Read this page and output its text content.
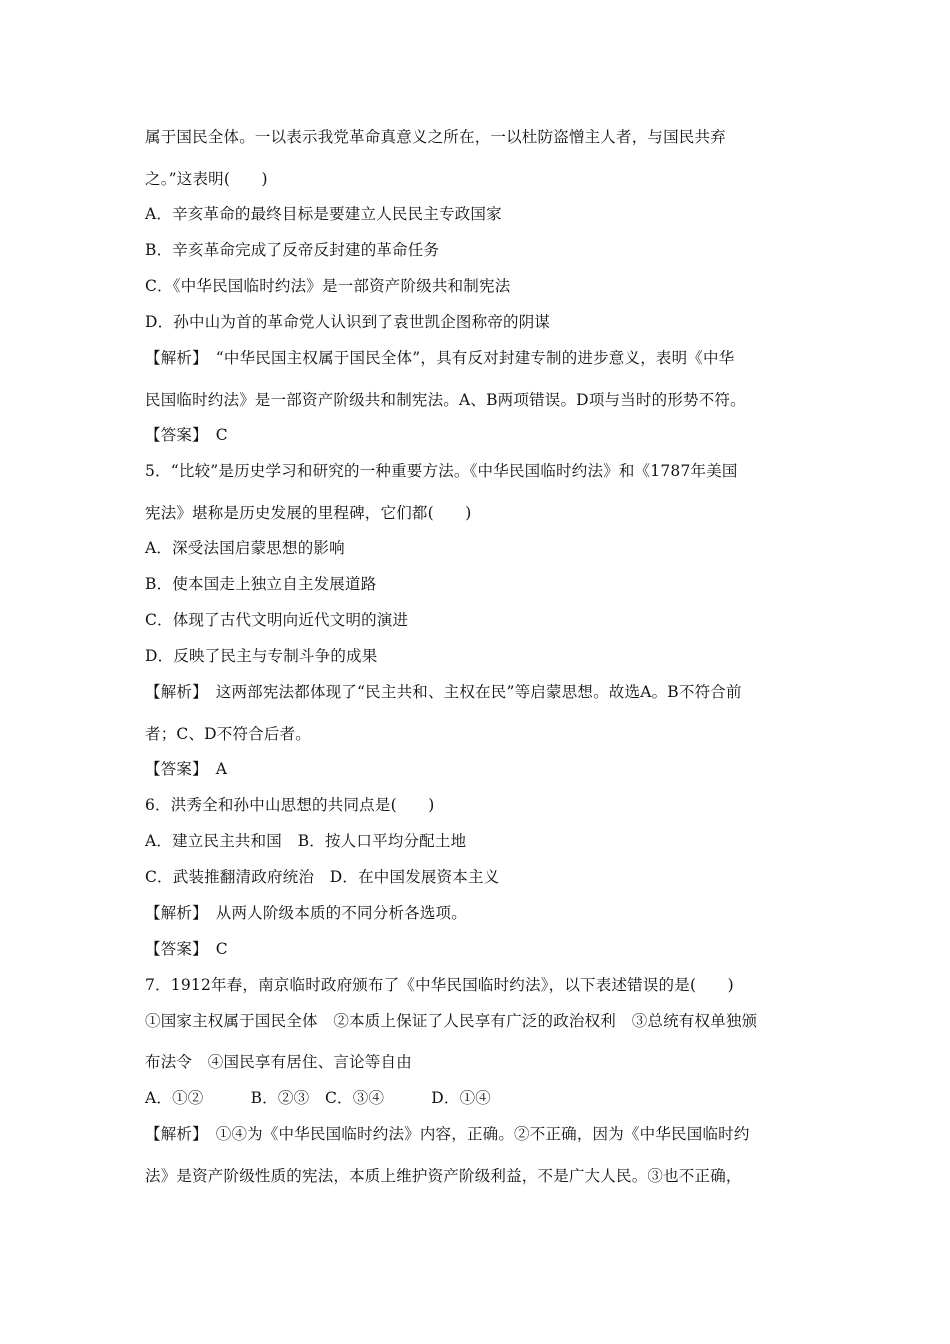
属于国民全体。一以表示我党革命真意义之所在，一以杜防盗憎主人者，与国民共弃
之。”这表明(　　)
A．辛亥革命的最终目标是要建立人民民主专政国家
B．辛亥革命完成了反帝反封建的革命任务
C．《中华民国临时约法》是一部资产阶级共和制宪法
D．孙中山为首的革命党人认识到了袁世凯企图称帝的阴谋
【解析】　“中华民国主权属于国民全体”，具有反对封建专制的进步意义，表明《中华
民国临时约法》是一部资产阶级共和制宪法。A、B两项错误。D项与当时的形势不符。
【答案】　C
5．“比较”是历史学习和研究的一种重要方法。《中华民国临时约法》和《1787年美国
宪法》堪称是历史发展的里程碑，它们都(　　)
A．深受法国启蒙思想的影响
B．使本国走上独立自主发展道路
C．体现了古代文明向近代文明的演进
D．反映了民主与专制斗争的成果
【解析】　这两部宪法都体现了“民主共和、主权在民”等启蒙思想。故选A。B不符合前
者；C、D不符合后者。
【答案】　A
6．洪秀全和孙中山思想的共同点是(　　)
A．建立民主共和国　B．按人口平均分配土地
C．武装推翻清政府统治　D．在中国发展资本主义
【解析】　从两人阶级本质的不同分析各选项。
【答案】　C
7．1912年春，南京临时政府颁布了《中华民国临时约法》，以下表述错误的是(　　)
①国家主权属于国民全体　②本质上保证了人民享有广泛的政治权利　③总统有权单独颁
布法令　④国民享有居住、言论等自由
A．①②　　　B．②③　C．③④　　　D．①④
【解析】　①④为《中华民国临时约法》内容，正确。②不正确，因为《中华民国临时约
法》是资产阶级性质的宪法，本质上维护资产阶级利益，不是广大人民。③也不正确，
